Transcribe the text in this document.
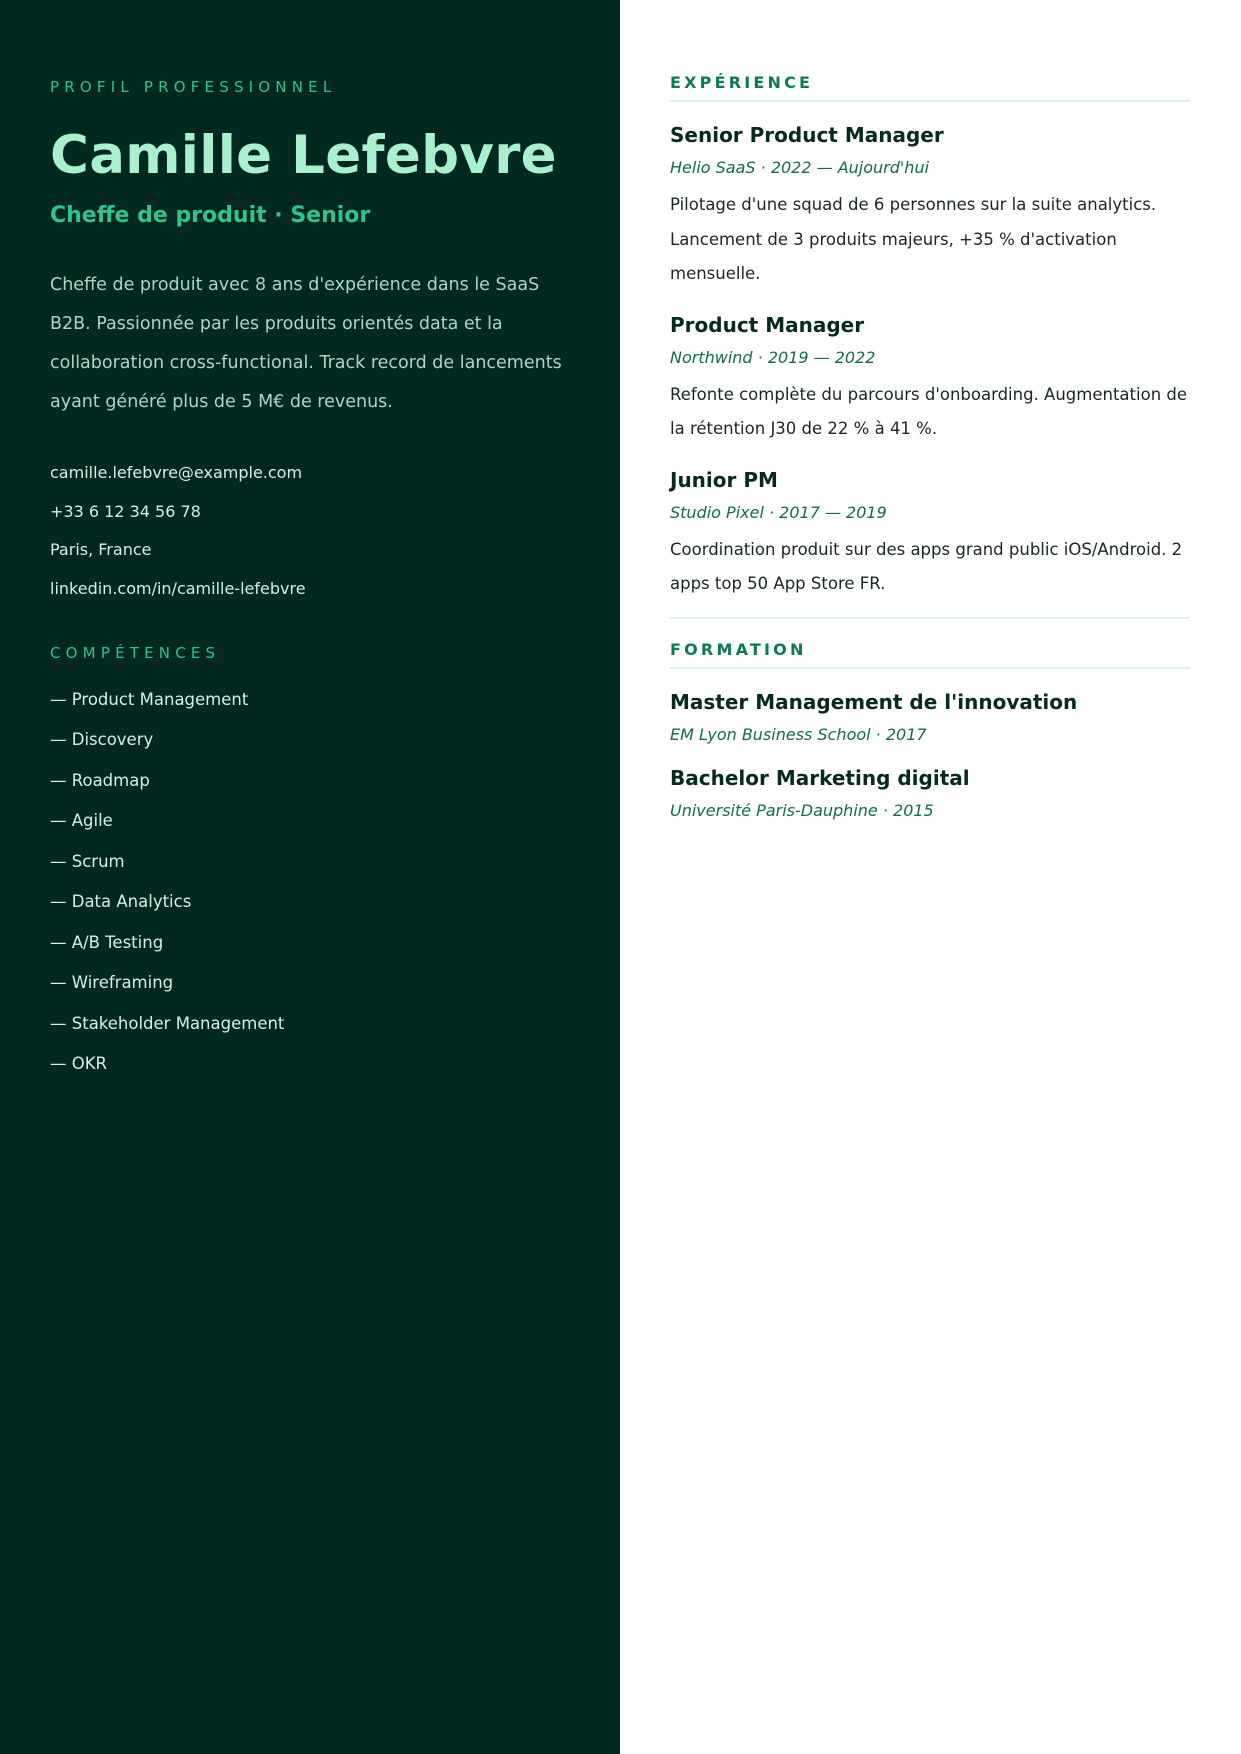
PROFIL PROFESSIONNEL
Camille Lefebvre
Cheffe de produit · Senior

Cheffe de produit avec 8 ans d'expérience dans le SaaS B2B. Passionnée par les produits orientés data et la collaboration cross-functional. Track record de lancements ayant généré plus de 5 M€ de revenus.

camille.lefebvre@example.com
+33 6 12 34 56 78
Paris, France
linkedin.com/in/camille-lefebvre
COMPÉTENCES
— Product Management
— Discovery
— Roadmap
— Agile
— Scrum
— Data Analytics
— A/B Testing
— Wireframing
— Stakeholder Management
— OKR
EXPÉRIENCE
Senior Product Manager
Helio SaaS · 2022 — Aujourd'hui

Pilotage d'une squad de 6 personnes sur la suite analytics. Lancement de 3 produits majeurs, +35 % d'activation mensuelle.

Product Manager
Northwind · 2019 — 2022

Refonte complète du parcours d'onboarding. Augmentation de la rétention J30 de 22 % à 41 %.

Junior PM
Studio Pixel · 2017 — 2019

Coordination produit sur des apps grand public iOS/Android. 2 apps top 50 App Store FR.

FORMATION
Master Management de l'innovation
EM Lyon Business School · 2017
Bachelor Marketing digital
Université Paris-Dauphine · 2015
